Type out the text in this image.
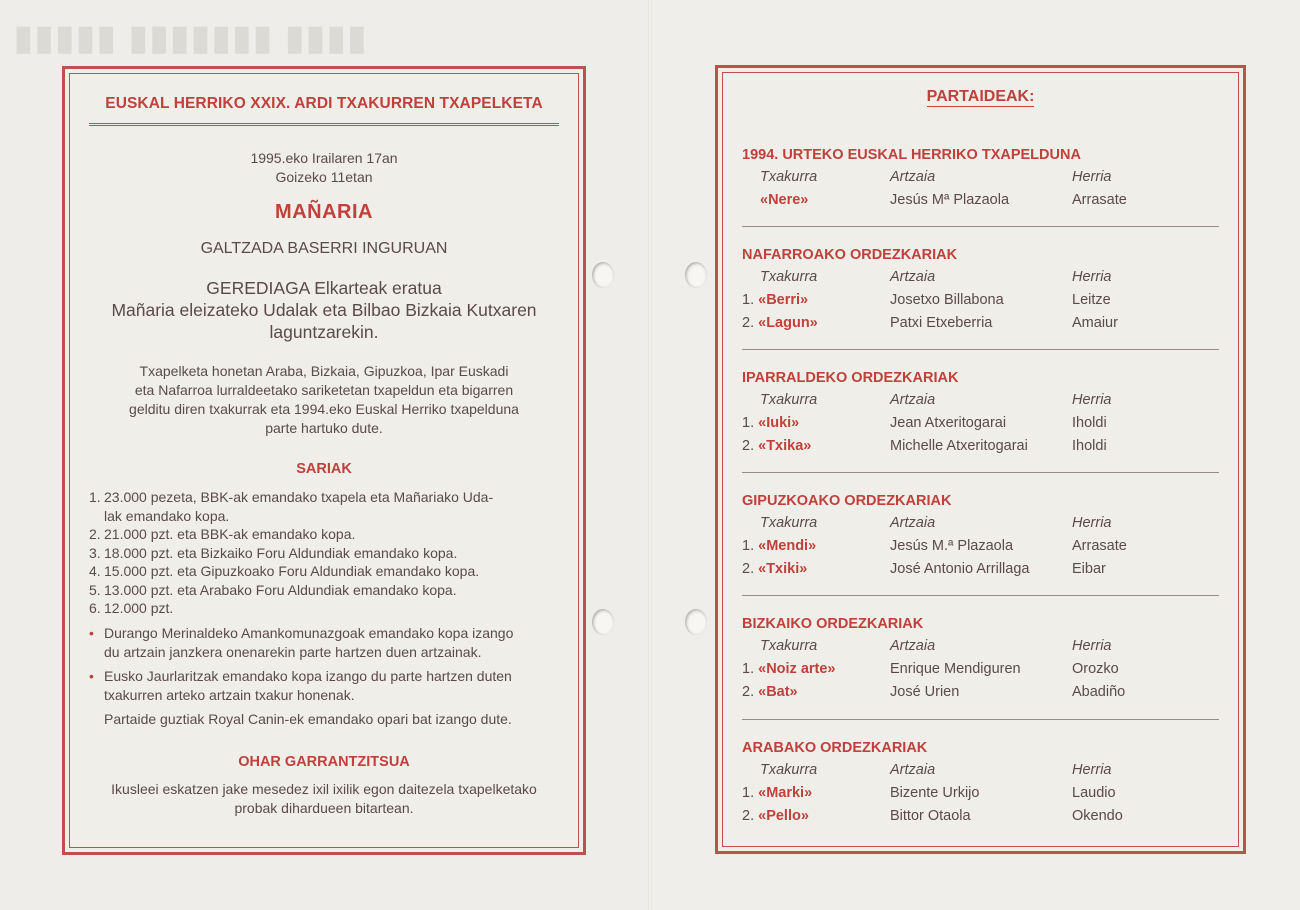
▮▮▮▮▮ ▮▮▮▮▮▮▮ ▮▮▮▮
EUSKAL HERRIKO XXIX. ARDI TXAKURREN TXAPELKETA
1995.eko Irailaren 17an
Goizeko 11etan
MAÑARIA
GALTZADA BASERRI INGURUAN
GEREDIAGA Elkarteak eratua
Mañaria eleizateko Udalak eta Bilbao Bizkaia Kutxaren
laguntzarekin.
Txapelketa honetan Araba, Bizkaia, Gipuzkoa, Ipar Euskadi
eta Nafarroa lurraldeetako sariketetan txapeldun eta bigarren
gelditu diren txakurrak eta 1994.eko Euskal Herriko txapelduna
parte hartuko dute.
SARIAK
1. 23.000 pezeta, BBK-ak emandako txapela eta Mañariako Uda-
lak emandako kopa.
2. 21.000 pzt. eta BBK-ak emandako kopa.
3. 18.000 pzt. eta Bizkaiko Foru Aldundiak emandako kopa.
4. 15.000 pzt. eta Gipuzkoako Foru Aldundiak emandako kopa.
5. 13.000 pzt. eta Arabako Foru Aldundiak emandako kopa.
6. 12.000 pzt.
• Durango Merinaldeko Amankomunazgoak emandako kopa izango
du artzain janzkera onenarekin parte hartzen duen artzainak.
• Eusko Jaurlaritzak emandako kopa izango du parte hartzen duten
txakurren arteko artzain txakur honenak.
Partaide guztiak Royal Canin-ek emandako opari bat izango dute.
OHAR GARRANTZITSUA
Ikusleei eskatzen jake mesedez ixil ixilik egon daitezela txapelketako
probak dihardueen bitartean.
PARTAIDEAK:
1994. URTEKO EUSKAL HERRIKO TXAPELDUNA
Txakurra	Artzaia	Herria
«Nere»	Jesús Mª Plazaola	Arrasate
NAFARROAKO ORDEZKARIAK
Txakurra	Artzaia	Herria
1. «Berri»	Josetxo Billabona	Leitze
2. «Lagun»	Patxi Etxeberria	Amaiur
IPARRALDEKO ORDEZKARIAK
Txakurra	Artzaia	Herria
1. «Iuki»	Jean Atxeritogarai	Iholdi
2. «Txika»	Michelle Atxeritogarai	Iholdi
GIPUZKOAKO ORDEZKARIAK
Txakurra	Artzaia	Herria
1. «Mendi»	Jesús M.ª Plazaola	Arrasate
2. «Txiki»	José Antonio Arrillaga	Eibar
BIZKAIKO ORDEZKARIAK
Txakurra	Artzaia	Herria
1. «Noiz arte»	Enrique Mendiguren	Orozko
2. «Bat»	José Urien	Abadiño
ARABAKO ORDEZKARIAK
Txakurra	Artzaia	Herria
1. «Marki»	Bizente Urkijo	Laudio
2. «Pello»	Bittor Otaola	Okendo
